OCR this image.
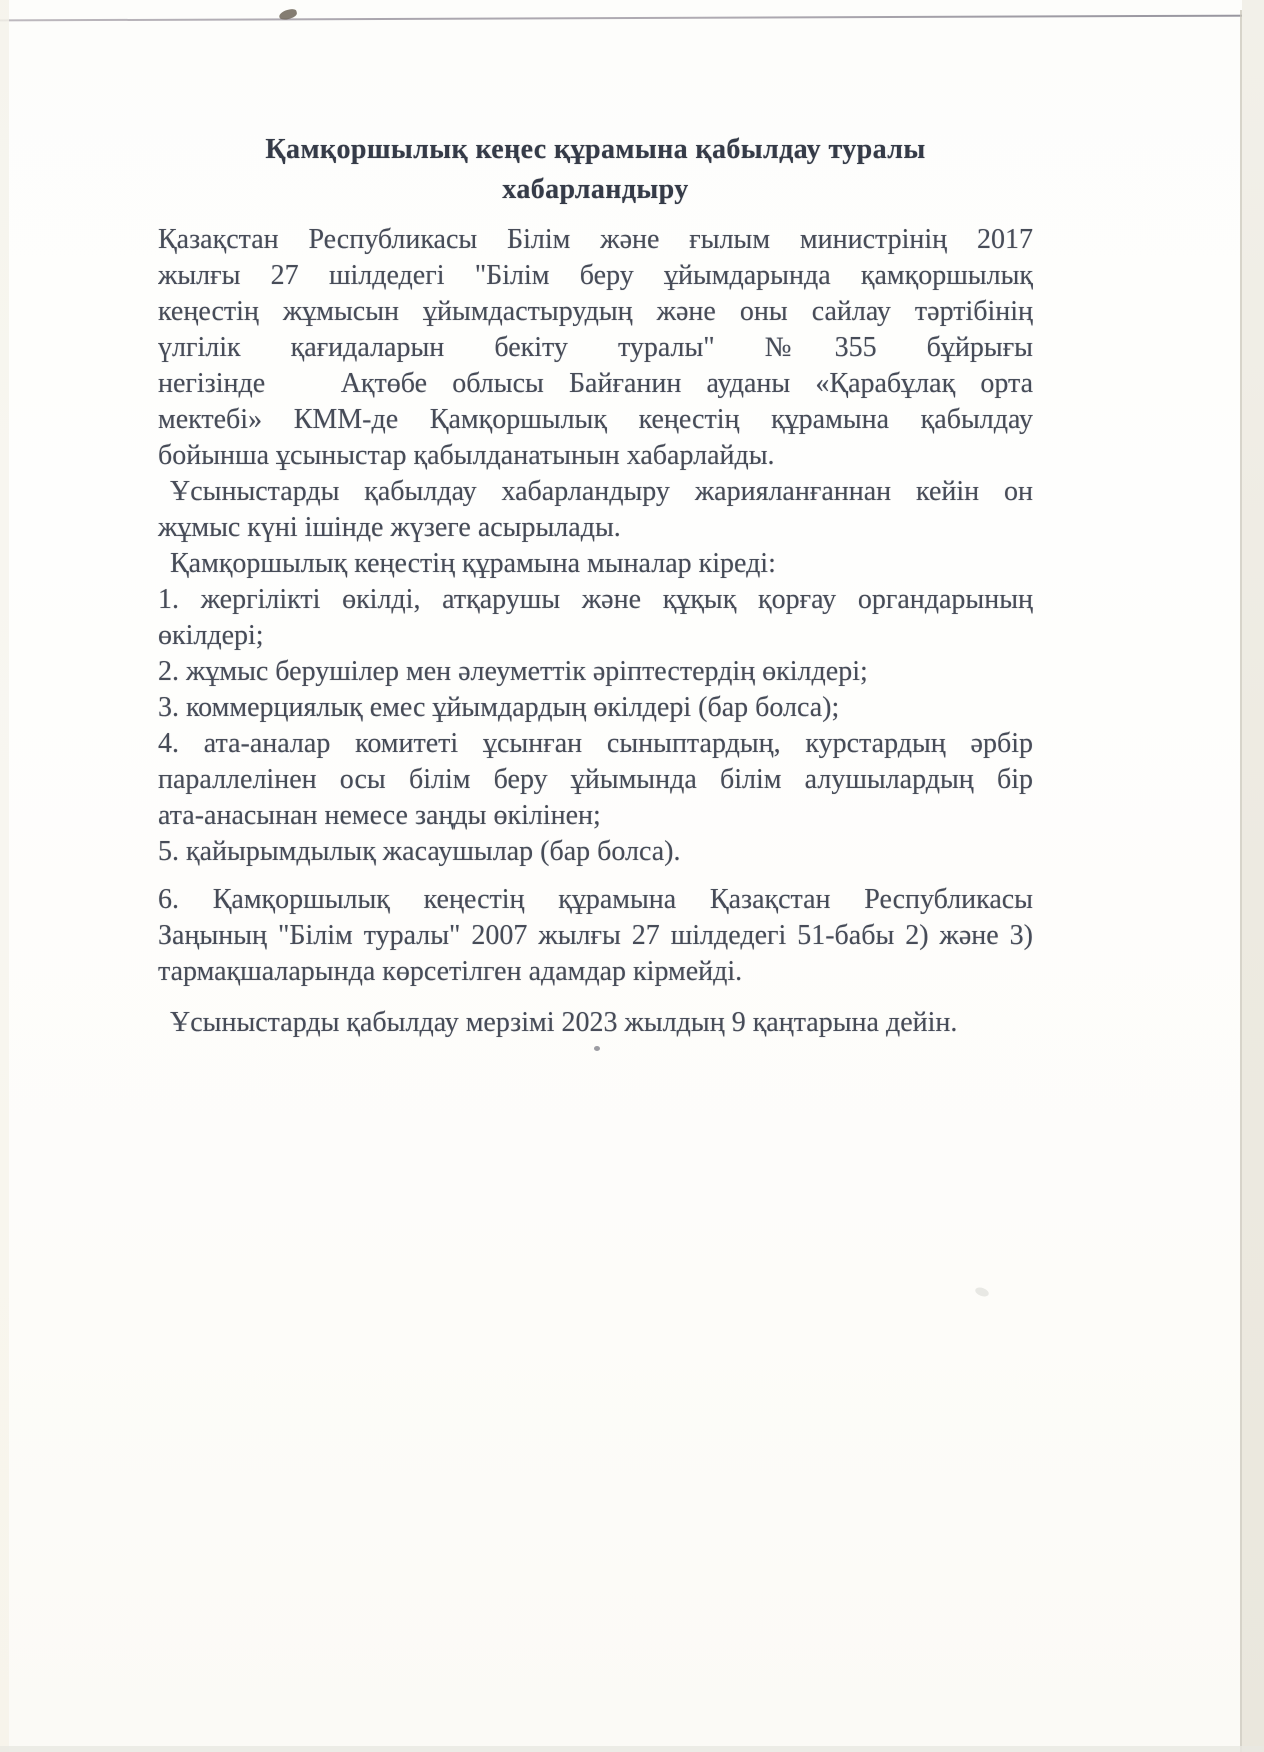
Қамқоршылық кеңес құрамына қабылдау туралы
хабарландыру
Қазақстан Республикасы Білім және ғылым министрінің 2017
жылғы 27 шілдедегі "Білім беру ұйымдарында қамқоршылық
кеңестің жұмысын ұйымдастырудың және оны сайлау тәртібінің
үлгілік қағидаларын бекіту туралы" №355 бұйрығы
негізінде   Ақтөбе облысы Байғанин ауданы «Қарабұлақ орта
мектебі» КММ-де Қамқоршылық кеңестің құрамына қабылдау
бойынша ұсыныстар қабылданатынын хабарлайды.
Ұсыныстарды қабылдау хабарландыру жарияланғаннан кейін он
жұмыс күні ішінде жүзеге асырылады.
Қамқоршылық кеңестің құрамына мыналар кіреді:
1. жергілікті өкілді, атқарушы және құқық қорғау органдарының
өкілдері;
2. жұмыс берушілер мен әлеуметтік әріптестердің өкілдері;
3. коммерциялық емес ұйымдардың өкілдері (бар болса);
4. ата-аналар комитеті ұсынған сыныптардың, курстардың әрбір
параллелінен осы білім беру ұйымында білім алушылардың бір
ата-анасынан немесе заңды өкілінен;
5. қайырымдылық жасаушылар (бар болса).
6. Қамқоршылық кеңестің құрамына Қазақстан Республикасы
Заңының "Білім туралы" 2007 жылғы 27 шілдедегі 51-бабы 2) және 3)
тармақшаларында көрсетілген адамдар кірмейді.
Ұсыныстарды қабылдау мерзімі 2023 жылдың 9 қаңтарына дейін.
